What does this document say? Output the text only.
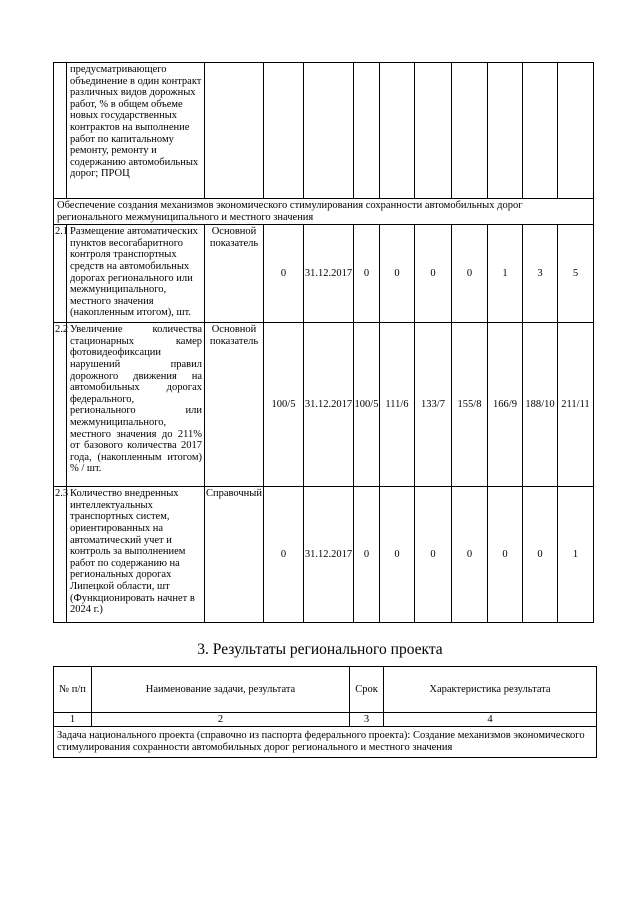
	предусматривающего объединение в один контракт различных видов дорожных работ, % в общем объеме новых государственных контрактов на выполнение работ по капитальному ремонту, ремонту и содержанию автомобильных дорог; ПРОЦ										
Обеспечение создания механизмов экономического стимулирования сохранности автомобильных дорог регионального межмуниципального и местного значения											
2.1	Размещение автоматических пунктов весогабаритного контроля транспортных средств на автомобильных дорогах регионального или межмуниципального, местного значения (накопленным итогом), шт.	Основной показатель	0	31.12.2017	0	0	0	0	1	3	5
2.2	Увеличение количества стационарных камер фотовидеофиксации нарушений правил дорожного движения на автомобильных дорогах федерального, регионального или межмуниципального, местного значения до 211% от базового количества 2017 года, (накопленным итогом) % / шт.	Основной показатель	100/5	31.12.2017	100/5	111/6	133/7	155/8	166/9	188/10	211/11
2.3	Количество внедренных интеллектуальных транспортных систем, ориентированных на автоматический учет и контроль за выполнением работ по содержанию на региональных дорогах Липецкой области, шт (Функционировать начнет в 2024 г.)	Справочный	0	31.12.2017	0	0	0	0	0	0	1
3. Результаты регионального проекта
№ п/п	Наименование задачи, результата	Срок	Характеристика результата
1	2	3	4
Задача национального проекта (справочно из паспорта федерального проекта): Создание механизмов экономического стимулирования сохранности автомобильных дорог регионального и местного значения			
